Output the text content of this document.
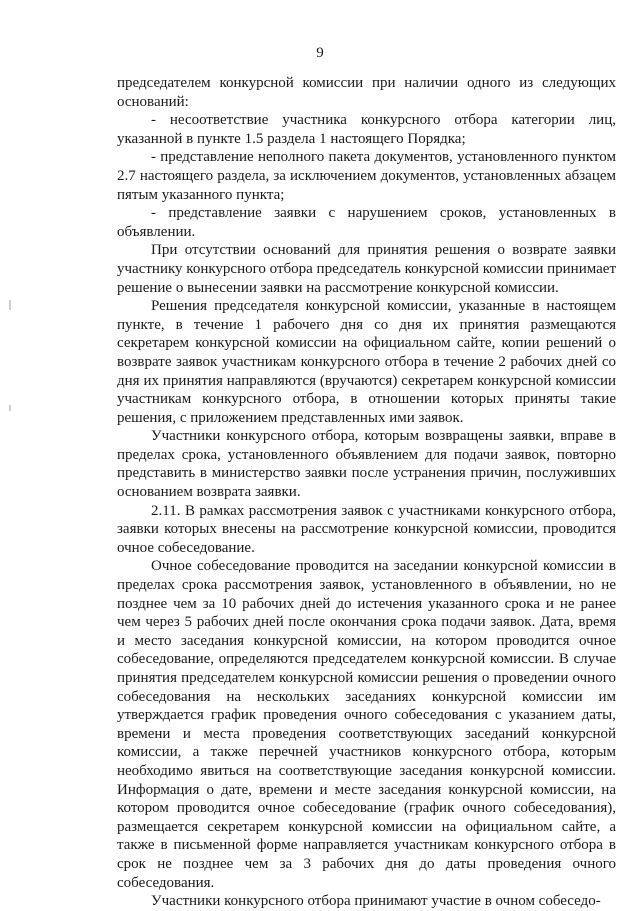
9

председателем конкурсной комиссии при наличии одного из следующих оснований:

- несоответствие участника конкурсного отбора категории лиц, указанной в пункте 1.5 раздела 1 настоящего Порядка;

- представление неполного пакета документов, установленного пунктом 2.7 настоящего раздела, за исключением документов, установленных абзацем пятым указанного пункта;

- представление заявки с нарушением сроков, установленных в объявлении.

При отсутствии оснований для принятия решения о возврате заявки участнику конкурсного отбора председатель конкурсной комиссии принимает решение о вынесении заявки на рассмотрение конкурсной комиссии.

Решения председателя конкурсной комиссии, указанные в настоящем пункте, в течение 1 рабочего дня со дня их принятия размещаются секретарем конкурсной комиссии на официальном сайте, копии решений о возврате заявок участникам конкурсного отбора в течение 2 рабочих дней со дня их принятия направляются (вручаются) секретарем конкурсной комиссии участникам конкурсного отбора, в отношении которых приняты такие решения, с приложением представленных ими заявок.

Участники конкурсного отбора, которым возвращены заявки, вправе в пределах срока, установленного объявлением для подачи заявок, повторно представить в министерство заявки после устранения причин, послуживших основанием возврата заявки.

2.11. В рамках рассмотрения заявок с участниками конкурсного отбора, заявки которых внесены на рассмотрение конкурсной комиссии, проводится очное собеседование.

Очное собеседование проводится на заседании конкурсной комиссии в пределах срока рассмотрения заявок, установленного в объявлении, но не позднее чем за 10 рабочих дней до истечения указанного срока и не ранее чем через 5 рабочих дней после окончания срока подачи заявок. Дата, время и место заседания конкурсной комиссии, на котором проводится очное собеседование, определяются председателем конкурсной комиссии. В случае принятия председателем конкурсной комиссии решения о проведении очного собеседования на нескольких заседаниях конкурсной комиссии им утверждается график проведения очного собеседования с указанием даты, времени и места проведения соответствующих заседаний конкурсной комиссии, а также перечней участников конкурсного отбора, которым необходимо явиться на соответствующие заседания конкурсной комиссии. Информация о дате, времени и месте заседания конкурсной комиссии, на котором проводится очное собеседование (график очного собеседования), размещается секретарем конкурсной комиссии на официальном сайте, а также в письменной форме направляется участникам конкурсного отбора в срок не позднее чем за 3 рабочих дня до даты проведения очного собеседования.

Участники конкурсного отбора принимают участие в очном собеседо-
